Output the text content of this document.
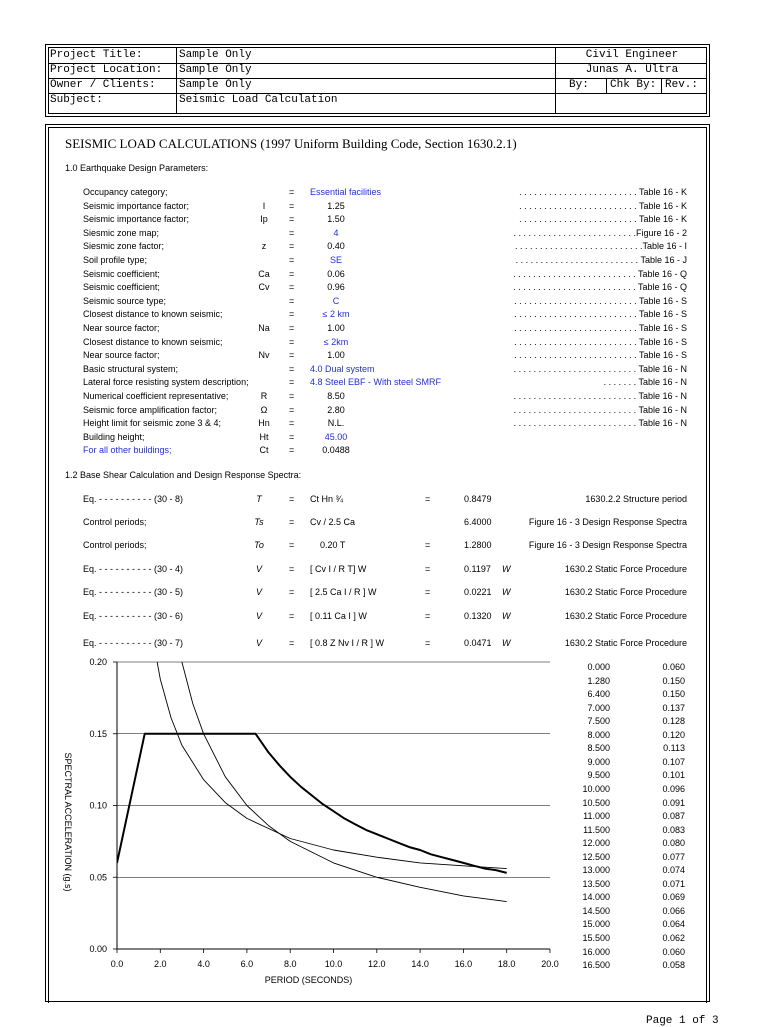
Project Title:	Sample Only	Civil Engineer
Project Location:	Sample Only	Junas A. Ultra
Owner / Clients:	Sample Only	By:	Chk By: Rev.:
Subject:	Seismic Load Calculation
SEISMIC LOAD CALCULATIONS (1997 Uniform Building Code, Section 1630.2.1)
1.0 Earthquake Design Parameters:
Occupancy category;	= Essential facilities	. . . . . . . . . . . . . . . . . . . . . . . . Table 16 - K
Seismic importance factor;	I	=	1.25	. . . . . . . . . . . . . . . . . . . . . . . . Table 16 - K
Seismic importance factor;	Ip	=	1.50	. . . . . . . . . . . . . . . . . . . . . . . . Table 16 - K
Siesmic zone map;	=	4	. . . . . . . . . . . . . . . . . . . . . . . . .Figure 16 - 2
Siesmic zone factor;	z	=	0.40	. . . . . . . . . . . . . . . . . . . . . . . . . .Table 16 - I
Soil profile type;	=	SE	. . . . . . . . . . . . . . . . . . . . . . . . . Table 16 - J
Seismic coefficient;	Ca	=	0.06	. . . . . . . . . . . . . . . . . . . . . . . . . Table 16 - Q
Seismic coefficient;	Cv	=	0.96	. . . . . . . . . . . . . . . . . . . . . . . . . Table 16 - Q
Seismic source type;	=	C	. . . . . . . . . . . . . . . . . . . . . . . . . Table 16 - S
Closest distance to known seismic;	=	≤ 2 km	. . . . . . . . . . . . . . . . . . . . . . . . . Table 16 - S
Near source factor;	Na	=	1.00	. . . . . . . . . . . . . . . . . . . . . . . . . Table 16 - S
Closest distance to known seismic;	=	≤ 2km	. . . . . . . . . . . . . . . . . . . . . . . . . Table 16 - S
Near source factor;	Nv	=	1.00	. . . . . . . . . . . . . . . . . . . . . . . . . Table 16 - S
Basic structural system;	= 4.0 Dual system	. . . . . . . . . . . . . . . . . . . . . . . . . Table 16 - N
Lateral force resisting system description;	= 4.8 Steel EBF - With steel SMRF	. . . . . . . Table 16 - N
Numerical coefficient representative;	R	=	8.50	. . . . . . . . . . . . . . . . . . . . . . . . . Table 16 - N
Seismic force amplification factor;	Ω	=	2.80	. . . . . . . . . . . . . . . . . . . . . . . . . Table 16 - N
Height limit for seismic zone 3 & 4;	Hn	=	N.L.	. . . . . . . . . . . . . . . . . . . . . . . . . Table 16 - N
Building height;	Ht	=	45.00
For all other buildings;	Ct	=	0.0488
1.2 Base Shear Calculation and Design Response Spectra:
Eq. - - - - - - - - - - (30 - 8)	T	= Ct Hn ¾	=	0.8479	1630.2.2 Structure period
Control periods;	Ts	= Cv / 2.5 Ca	6.4000	Figure 16 - 3 Design Response Spectra
Control periods;	To	= 0.20 T	=	1.2800	Figure 16 - 3 Design Response Spectra
Eq. - - - - - - - - - - (30 - 4)	V	= [ Cv I / R T] W	=	0.1197 W	1630.2 Static Force Procedure
Eq. - - - - - - - - - - (30 - 5)	V	= [ 2.5 Ca I / R ] W	=	0.0221 W	1630.2 Static Force Procedure
Eq. - - - - - - - - - - (30 - 6)	V	= [ 0.11 Ca I ] W	=	0.1320 W	1630.2 Static Force Procedure
Eq. - - - - - - - - - - (30 - 7)	V	= [ 0.8 Z Nv I / R ] W	=	0.0471 W	1630.2 Static Force Procedure
0.00
0.05
0.10
0.15
0.20
0.0	2.0	4.0	6.0	8.0	10.0	12.0	14.0	16.0	18.0	20.0
SPECTRAL ACCELERATION (g.s)
PERIOD (SECONDS)
0.000	0.060
1.280	0.150
6.400	0.150
7.000	0.137
7.500	0.128
8.000	0.120
8.500	0.113
9.000	0.107
9.500	0.101
10.000	0.096
10.500	0.091
11.000	0.087
11.500	0.083
12.000	0.080
12.500	0.077
13.000	0.074
13.500	0.071
14.000	0.069
14.500	0.066
15.000	0.064
15.500	0.062
16.000	0.060
16.500	0.058
Page 1 of 3
